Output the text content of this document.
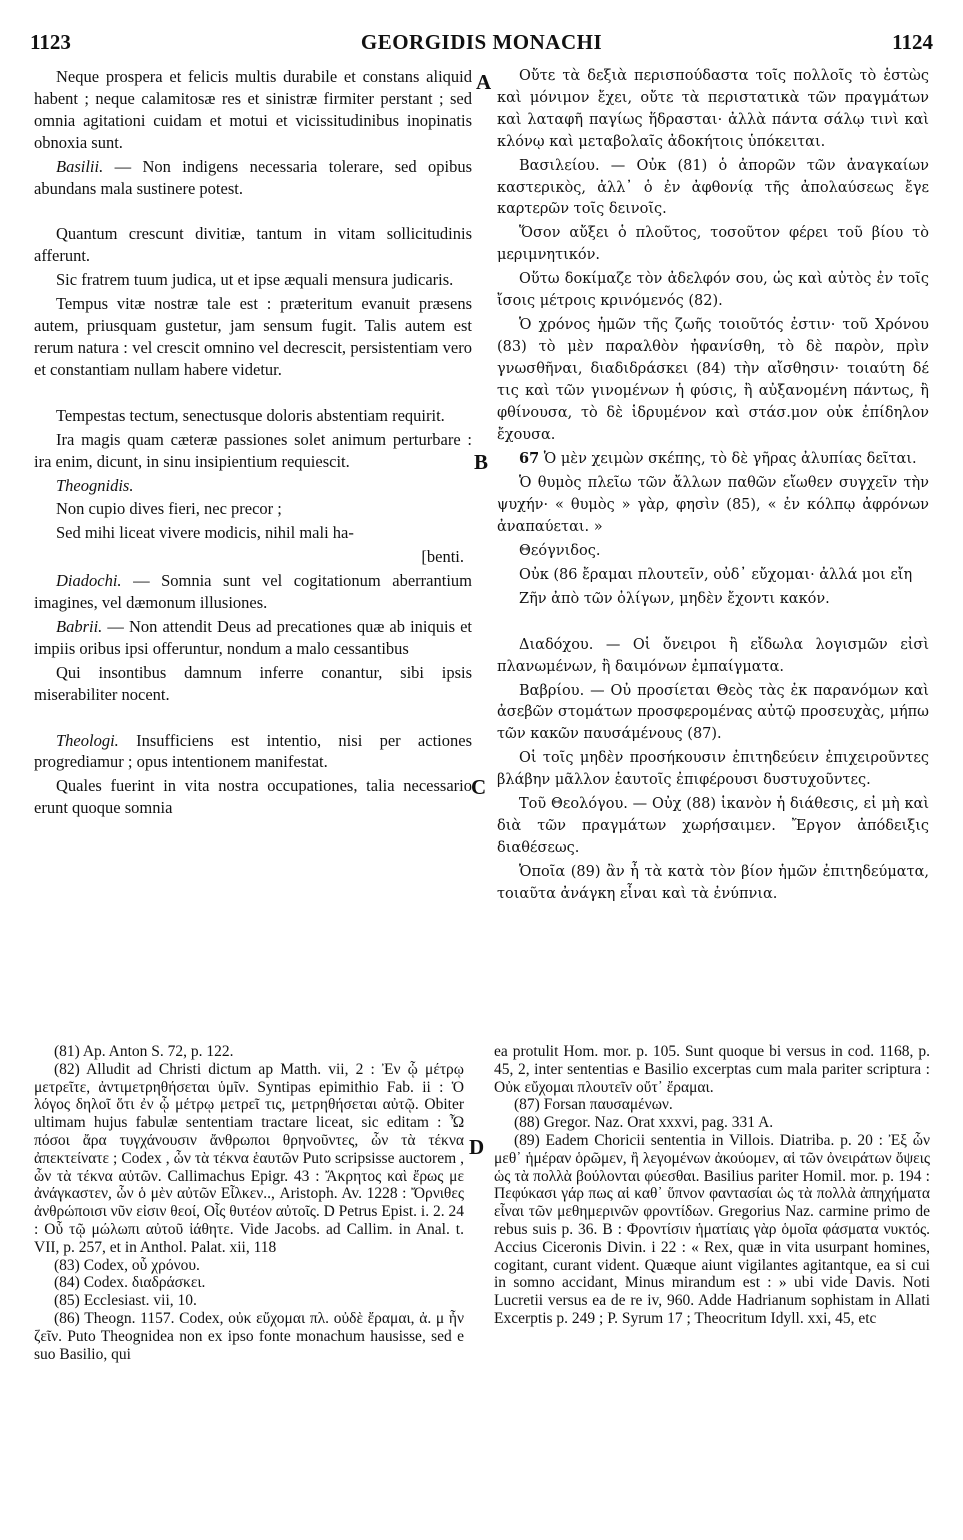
1123	GEORGIDIS MONACHI	1124
A
B
C
D

Neque prospera et felicis multis durabile et constans aliquid habent ; neque calamitosæ res et sinistræ firmiter perstant ; sed omnia agitationi cuidam et motui et vicissitudinibus inopinatis obnoxia sunt.

Basilii. — Non indigens necessaria tolerare, sed opibus abundans mala sustinere potest.

Quantum crescunt divitiæ, tantum in vitam sollicitudinis afferunt.

Sic fratrem tuum judica, ut et ipse æquali mensura judicaris.

Tempus vitæ nostræ tale est : præteritum evanuit præsens autem, priusquam gustetur, jam sensum fugit. Talis autem est rerum natura : vel crescit omnino vel decrescit, persistentiam vero et constantiam nullam habere videtur.

Tempestas tectum, senectusque doloris abstentiam requirit.

Ira magis quam cæteræ passiones solet animum perturbare : ira enim, dicunt, in sinu insipientium requiescit.

Theognidis.

Non cupio dives fieri, nec precor ;

Sed mihi liceat vivere modicis, nihil mali ha-

[benti.

Diadochi. — Somnia sunt vel cogitationum aberrantium imagines, vel dæmonum illusiones.

Babrii. — Non attendit Deus ad precationes quæ ab iniquis et impiis oribus ipsi offeruntur, nondum a malo cessantibus

Qui insontibus damnum inferre conantur, sibi ipsis miserabiliter nocent.

Theologi. Insufficiens est intentio, nisi per actiones progrediamur ; opus intentionem manifestat.

Quales fuerint in vita nostra occupationes, talia necessario erunt quoque somnia

Οὔτε τὰ δεξιὰ περισπούδαστα τοῖς πολλοῖς τὸ ἑστὼς καὶ μόνιμον ἔχει, οὔτε τὰ περιστατικὰ τῶν πραγμάτων καὶ λαταφῆ παγίως ἥδρασται· ἀλλὰ πάντα σάλῳ τινὶ καὶ κλόνῳ καὶ μεταβολαῖς ἀδοκήτοις ὑπόκειται.

Βασιλείου. — Οὐκ (81) ὁ ἀπορῶν τῶν ἀναγκαίων καστερικὸς, ἀλλ᾽ ὁ ἐν ἀφθονίᾳ τῆς ἀπολαύσεως ἔγε καρτερῶν τοῖς δεινοῖς.

Ὅσον αὔξει ὁ πλοῦτος, τοσοῦτον φέρει τοῦ βίου τὸ μεριμνητικόν.

Οὕτω δοκίμαζε τὸν ἀδελφόν σου, ὡς καὶ αὐτὸς ἐν τοῖς ἴσοις μέτροις κρινόμενός (82).

Ὁ χρόνος ἡμῶν τῆς ζωῆς τοιοῦτός ἐστιν· τοῦ Χρόνου (83) τὸ μὲν παραλθὸν ἠφανίσθη, τὸ δὲ παρὸν, πρὶν γνωσθῆναι, διαδιδράσκει (84) τὴν αἴσθησιν· τοιαύτη δέ τις καὶ τῶν γινομένων ἡ φύσις, ἢ αὐξανομένη πάντως, ἢ φθίνουσα, τὸ δὲ ἱδρυμένον καὶ στάσ.μον οὐκ ἐπίδηλον ἔχουσα.

67 Ὁ μὲν χειμὼν σκέπης, τὸ δὲ γῆρας ἀλυπίας δεῖται.

Ὁ θυμὸς πλεῖω τῶν ἄλλων παθῶν εἴωθεν συγχεῖν τὴν ψυχήν· « θυμὸς » γὰρ, φησὶν (85), « ἐν κόλπῳ ἀφρόνων ἀναπαύεται. »

Θεόγνιδος.

Οὐκ (86 ἔραμαι πλουτεῖν, οὐδ᾽ εὔχομαι· ἀλλά μοι εἴη

Ζῆν ἀπὸ τῶν ὀλίγων, μηδὲν ἔχοντι κακόν.

Διαδόχου. — Οἱ ὄνειροι ἢ εἴδωλα λογισμῶν εἰσὶ πλανωμένων, ἢ δαιμόνων ἐμπαίγματα.

Βαβρίου. — Οὐ προσίεται Θεὸς τὰς ἐκ παρανόμων καὶ ἀσεβῶν στομάτων προσφερομένας αὐτῷ προσευχὰς, μήπω τῶν κακῶν παυσάμένους (87).

Οἱ τοῖς μηδὲν προσήκουσιν ἐπιτηδεύειν ἐπιχειροῦντες βλάβην μᾶλλον ἑαυτοῖς ἐπιφέρουσι δυστυχοῦντες.

Τοῦ Θεολόγου. — Οὐχ (88) ἱκανὸν ἡ διάθεσις, εἰ μὴ καὶ διὰ τῶν πραγμάτων χωρήσαιμεν. Ἔργον ἀπόδειξις διαθέσεως.

Ὁποῖα (89) ἂν ἦ τὰ κατὰ τὸν βίον ἡμῶν ἐπιτηδεύματα, τοιαῦτα ἀνάγκη εἶναι καὶ τὰ ἐνύπνια.

(81) Ap. Anton S. 72, p. 122.

(82) Alludit ad Christi dictum ap Matth. vii, 2 : Ἐν ᾧ μέτρῳ μετρεῖτε, ἀντιμετρηθήσεται ὑμῖν. Syntipas epimithio Fab. ii : Ὁ λόγος δηλοῖ ὅτι ἐν ᾧ μέτρῳ μετρεῖ τις, μετρηθήσεται αὐτῷ. Obiter ultimam hujus fabulæ sententiam tractare liceat, sic editam : Ὦ πόσοι ἄρα τυγχάνουσιν ἄνθρωποι θρηνοῦντες, ὧν τὰ τέκνα ἀπεκτείνατε ; Codex , ὧν τὰ τέκνα ἑαυτῶν Puto scripsisse auctorem , ὧν τὰ τέκνα αὐτῶν. Callimachus Epigr. 43 : Ἄκρητος καὶ ἔρως με ἀνάγκαστεν, ὧν ὁ μὲν αὐτῶν Εἶλκεν.., Aristoph. Av. 1228 : Ὄρνιθες ἀνθρώποισι νῦν εἰσιν θεοί, Οἷς θυτέον αὐτοῖς. D Petrus Epist. i. 2. 24 : Οὗ τῷ μώλωπι αὐτοῦ ἰάθητε. Vide Jacobs. ad Callim. in Anal. t. VII, p. 257, et in Anthol. Palat. xii, 118

(83) Codex, οὗ χρόνου.

(84) Codex. διαδράσκει.

(85) Ecclesiast. vii, 10.

(86) Theogn. 1157. Codex, οὐκ εὔχομαι πλ. οὐδὲ ἔραμαι, ἀ. μ ἦν ζεῖν. Puto Theognidea non ex ipso fonte monachum hausisse, sed e suo Basilio, qui

ea protulit Hom. mor. p. 105. Sunt quoque bi versus in cod. 1168, p. 45, 2, inter sententias e Basilio excerptas cum mala pariter scriptura : Οὐκ εὔχομαι πλουτεῖν οὔτ᾽ ἔραμαι.

(87) Forsan παυσαμένων.

(88) Gregor. Naz. Orat xxxvi, pag. 331 A.

(89) Eadem Choricii sententia in Villois. Diatriba. p. 20 : Ἐξ ὧν μεθ᾽ ἡμέραν ὁρῶμεν, ἢ λεγομένων ἀκούομεν, αἱ τῶν ὀνειράτων ὄψεις ὡς τὰ πολλὰ βούλονται φύεσθαι. Basilius pariter Homil. mor. p. 194 : Πεφύκασι γάρ πως αἱ καθ᾽ ὕπνον φαντασίαι ὡς τὰ πολλὰ ἀπηχήματα εἶναι τῶν μεθημερινῶν φροντίδων. Gregorius Naz. carmine primo de rebus suis p. 36. B : Φροντίσιν ἡματίαις γὰρ ὁμοῖα φάσματα νυκτός. Accius Ciceronis Divin. i 22 : « Rex, quæ in vita usurpant homines, cogitant, curant vident. Quæque aiunt vigilantes agitantque, ea si cui in somno accidant, Minus mirandum est : » ubi vide Davis. Noti Lucretii versus ea de re iv, 960. Adde Hadrianum sophistam in Allati Excerptis p. 249 ; P. Syrum 17 ; Theocritum Idyll. xxi, 45, etc
